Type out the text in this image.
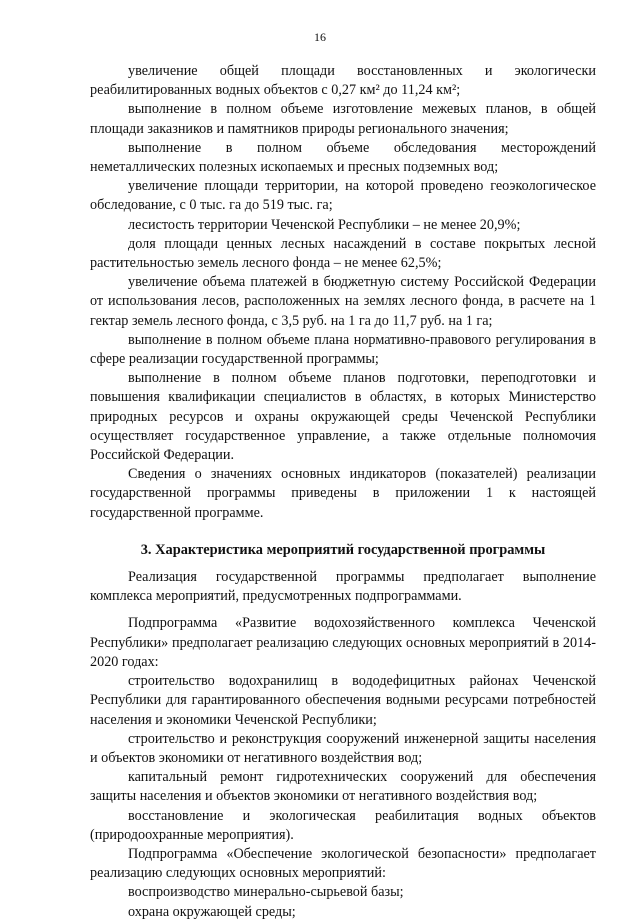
16

увеличение общей площади восстановленных и экологически реабилитированных водных объектов с 0,27 км² до 11,24 км²;

выполнение в полном объеме изготовление межевых планов, в общей площади заказников и памятников природы регионального значения;

выполнение в полном объеме обследования месторождений неметаллических полезных ископаемых и пресных подземных вод;

увеличение площади территории, на которой проведено геоэкологическое обследование, с 0 тыс. га до 519 тыс. га;

лесистость территории Чеченской Республики – не менее 20,9%;

доля площади ценных лесных насаждений в составе покрытых лесной растительностью земель лесного фонда – не менее 62,5%;

увеличение объема платежей в бюджетную систему Российской Федерации от использования лесов, расположенных на землях лесного фонда, в расчете на 1 гектар земель лесного фонда, с 3,5 руб. на 1 га до 11,7 руб. на 1 га;

выполнение в полном объеме плана нормативно-правового регулирования в сфере реализации государственной программы;

выполнение в полном объеме планов подготовки, переподготовки и повышения квалификации специалистов в областях, в которых Министерство природных ресурсов и охраны окружающей среды Чеченской Республики осуществляет государственное управление, а также отдельные полномочия Российской Федерации.

Сведения о значениях основных индикаторов (показателей) реализации государственной программы приведены в приложении 1 к настоящей государственной программе.

3. Характеристика мероприятий государственной программы

Реализация государственной программы предполагает выполнение комплекса мероприятий, предусмотренных подпрограммами.

Подпрограмма «Развитие водохозяйственного комплекса Чеченской Республики» предполагает реализацию следующих основных мероприятий в 2014-2020 годах:

строительство водохранилищ в вододефицитных районах Чеченской Республики для гарантированного обеспечения водными ресурсами потребностей населения и экономики Чеченской Республики;

строительство и реконструкция сооружений инженерной защиты населения и объектов экономики от негативного воздействия вод;

капитальный ремонт гидротехнических сооружений для обеспечения защиты населения и объектов экономики от негативного воздействия вод;

восстановление и экологическая реабилитация водных объектов (природоохранные мероприятия).

Подпрограмма «Обеспечение экологической безопасности» предполагает реализацию следующих основных мероприятий:

воспроизводство минерально-сырьевой базы;

охрана окружающей среды;
